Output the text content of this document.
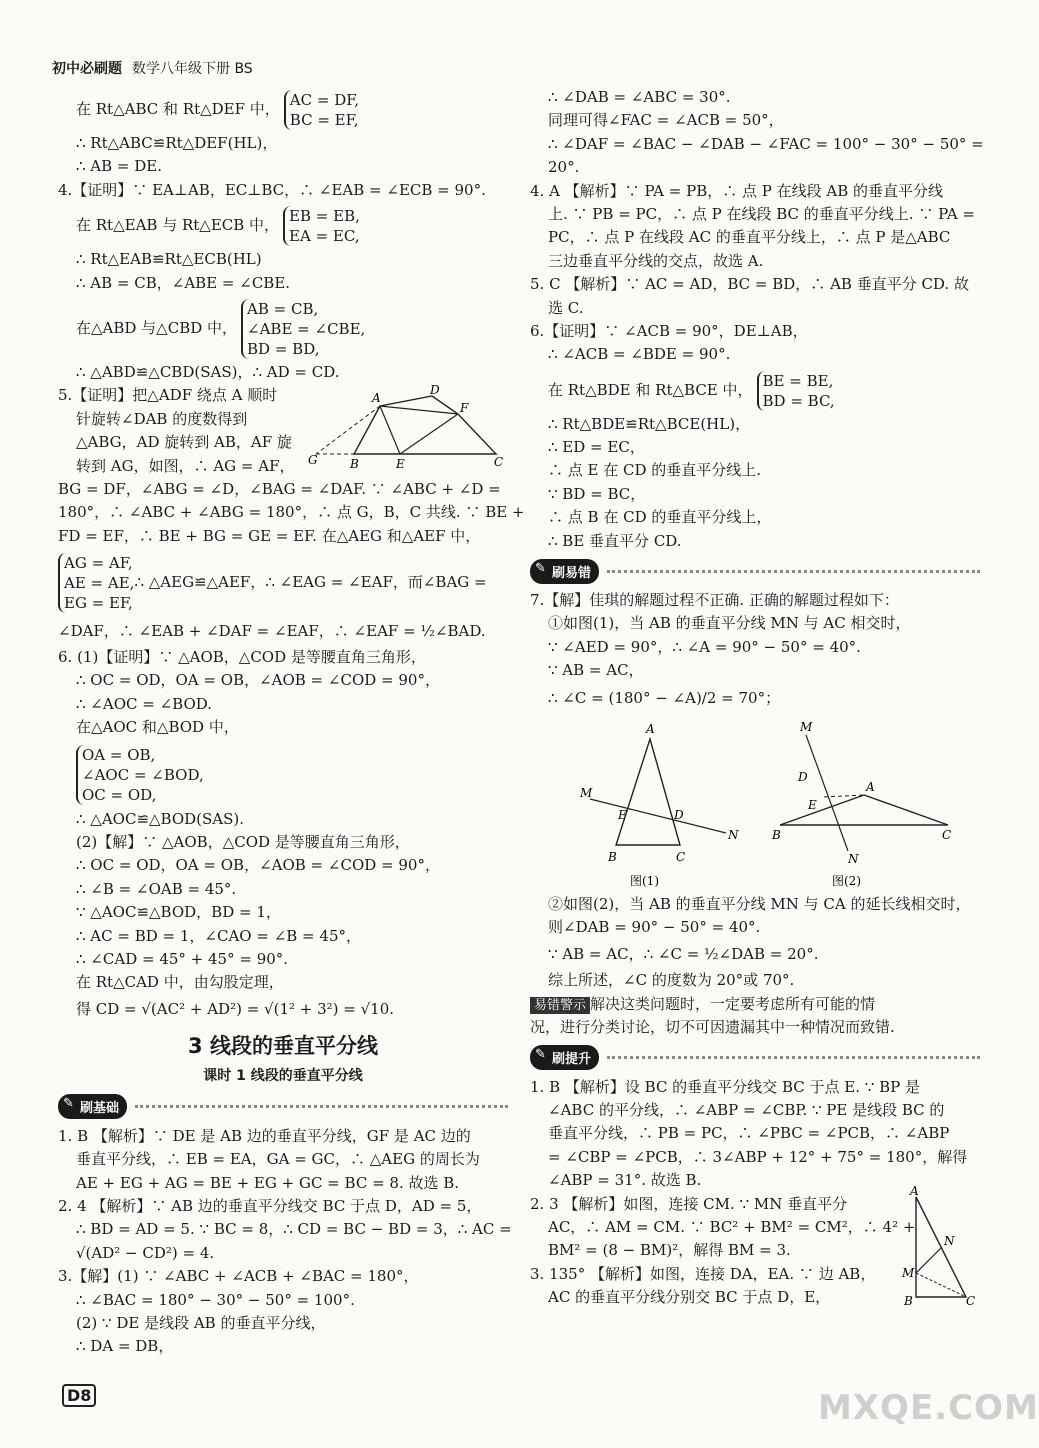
初中必刷题 数学八年级下册 BS
在 Rt△ABC 和 Rt△DEF 中， AC = DF,
BC = EF,
∴ Rt△ABC≌Rt△DEF(HL)，
∴ AB = DE.
4.【证明】∵ EA⊥AB，EC⊥BC，∴ ∠EAB = ∠ECB = 90°.
在 Rt△EAB 与 Rt△ECB 中， EB = EB,
EA = EC,
∴ Rt△EAB≌Rt△ECB(HL)
∴ AB = CB，∠ABE = ∠CBE.
在△ABD 与△CBD 中，AB = CB,
∠ABE = ∠CBE,
BD = BD,
∴ △ABD≌△CBD(SAS)，∴ AD = CD.
5.【证明】把△ADF 绕点 A 顺时
针旋转∠DAB 的度数得到
△ABG，AD 旋转到 AB，AF 旋
转到 AG，如图，∴ AG = AF，
A
D
F
G	B	E	C
BG = DF，∠ABG = ∠D，∠BAG = ∠DAF. ∵ ∠ABC + ∠D =
180°，∴ ∠ABC + ∠ABG = 180°，∴ 点 G，B，C 共线. ∵ BE +
FD = EF，∴ BE + BG = GE = EF. 在△AEG 和△AEF 中，
AG = AF,
AE = AE,
EG = EF,∴ △AEG≌△AEF，∴ ∠EAG = ∠EAF，而∠BAG =
∠DAF，∴ ∠EAB + ∠DAF = ∠EAF，∴ ∠EAF = ½∠BAD.
6. (1)【证明】∵ △AOB，△COD 是等腰直角三角形，
∴ OC = OD，OA = OB，∠AOB = ∠COD = 90°，
∴ ∠AOC = ∠BOD.
在△AOC 和△BOD 中，
OA = OB,
∠AOC = ∠BOD,
OC = OD,
∴ △AOC≌△BOD(SAS).
(2)【解】∵ △AOB，△COD 是等腰直角三角形，
∴ OC = OD，OA = OB，∠AOB = ∠COD = 90°，
∴ ∠B = ∠OAB = 45°.
∵ △AOC≌△BOD，BD = 1，
∴ AC = BD = 1，∠CAO = ∠B = 45°，
∴ ∠CAD = 45° + 45° = 90°.
在 Rt△CAD 中，由勾股定理，
得 CD = √(AC² + AD²) = √(1² + 3²) = √10.
3 线段的垂直平分线
课时 1 线段的垂直平分线
✎ 刷基础
1. B 【解析】∵ DE 是 AB 边的垂直平分线，GF 是 AC 边的
垂直平分线，∴ EB = EA，GA = GC，∴ △AEG 的周长为
AE + EG + AG = BE + EG + GC = BC = 8. 故选 B.
2. 4 【解析】∵ AB 边的垂直平分线交 BC 于点 D，AD = 5，
∴ BD = AD = 5. ∵ BC = 8，∴ CD = BC − BD = 3，∴ AC =
√(AD² − CD²) = 4.
3.【解】(1) ∵ ∠ABC + ∠ACB + ∠BAC = 180°，
∴ ∠BAC = 180° − 30° − 50° = 100°.
(2) ∵ DE 是线段 AB 的垂直平分线，
∴ DA = DB，
∴ ∠DAB = ∠ABC = 30°.
同理可得∠FAC = ∠ACB = 50°，
∴ ∠DAF = ∠BAC − ∠DAB − ∠FAC = 100° − 30° − 50° =
20°.
4. A 【解析】∵ PA = PB，∴ 点 P 在线段 AB 的垂直平分线
上. ∵ PB = PC，∴ 点 P 在线段 BC 的垂直平分线上. ∵ PA =
PC，∴ 点 P 在线段 AC 的垂直平分线上，∴ 点 P 是△ABC
三边垂直平分线的交点，故选 A.
5. C 【解析】∵ AC = AD，BC = BD，∴ AB 垂直平分 CD. 故
选 C.
6.【证明】∵ ∠ACB = 90°，DE⊥AB，
∴ ∠ACB = ∠BDE = 90°.
在 Rt△BDE 和 Rt△BCE 中， BE = BE,
BD = BC,
∴ Rt△BDE≌Rt△BCE(HL)，
∴ ED = EC，
∴ 点 E 在 CD 的垂直平分线上.
∵ BD = BC，
∴ 点 B 在 CD 的垂直平分线上，
∴ BE 垂直平分 CD.
✎ 刷易错
7.【解】佳琪的解题过程不正确. 正确的解题过程如下：
①如图(1)，当 AB 的垂直平分线 MN 与 AC 相交时，
∵ ∠AED = 90°，∴ ∠A = 90° − 50° = 40°.
∵ AB = AC，
∴ ∠C = (180° − ∠A)/2 = 70°；
A
M
E	D
N
B	C
图(1)
M
D
A
E
B	C
N
图(2)
②如图(2)，当 AB 的垂直平分线 MN 与 CA 的延长线相交时，
则∠DAB = 90° − 50° = 40°.
∵ AB = AC，∴ ∠C = ½∠DAB = 20°.
综上所述，∠C 的度数为 20°或 70°.
易错警示 解决这类问题时，一定要考虑所有可能的情
况，进行分类讨论，切不可因遗漏其中一种情况而致错.
✎ 刷提升
1. B 【解析】设 BC 的垂直平分线交 BC 于点 E. ∵ BP 是
∠ABC 的平分线，∴ ∠ABP = ∠CBP. ∵ PE 是线段 BC 的
垂直平分线，∴ PB = PC，∴ ∠PBC = ∠PCB，∴ ∠ABP
= ∠CBP = ∠PCB，∴ 3∠ABP + 12° + 75° = 180°，解得
∠ABP = 31°. 故选 B.
2. 3 【解析】如图，连接 CM. ∵ MN 垂直平分
AC，∴ AM = CM. ∵ BC² + BM² = CM²，∴ 4² +
BM² = (8 − BM)²，解得 BM = 3.
3. 135° 【解析】如图，连接 DA，EA. ∵ 边 AB，
AC 的垂直平分线分别交 BC 于点 D，E，
A
N
M
B	C
D8	MXQE.COM
